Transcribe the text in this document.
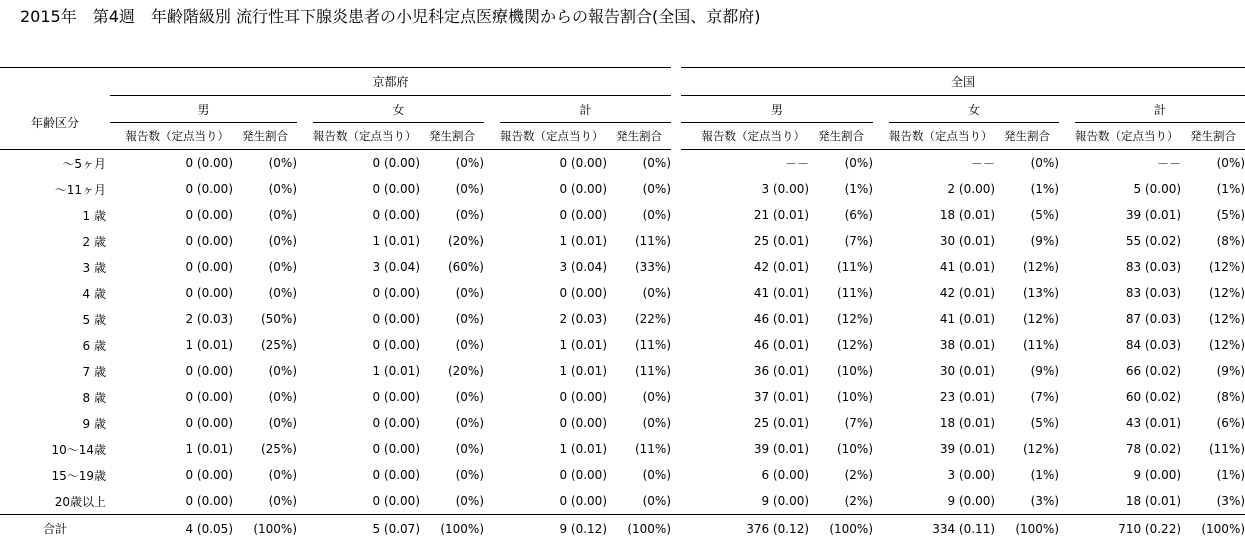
2015年　第4週　年齢階級別 流行性耳下腺炎患者の小児科定点医療機関からの報告割合(全国、京都府)
	京都府									全国							
年齢区分	男			女			計			男			女			計	
	報告数（定点当り）	発生割合		報告数（定点当り）	発生割合		報告数（定点当り）	発生割合		報告数（定点当り）	発生割合		報告数（定点当り）	発生割合		報告数（定点当り）	発生割合
～5ヶ月	0 (0.00)	(0%)		0 (0.00)	(0%)		0 (0.00)	(0%)		－－	(0%)		－－	(0%)		－－	(0%)
～11ヶ月	0 (0.00)	(0%)		0 (0.00)	(0%)		0 (0.00)	(0%)		3 (0.00)	(1%)		2 (0.00)	(1%)		5 (0.00)	(1%)
1 歳	0 (0.00)	(0%)		0 (0.00)	(0%)		0 (0.00)	(0%)		21 (0.01)	(6%)		18 (0.01)	(5%)		39 (0.01)	(5%)
2 歳	0 (0.00)	(0%)		1 (0.01)	(20%)		1 (0.01)	(11%)		25 (0.01)	(7%)		30 (0.01)	(9%)		55 (0.02)	(8%)
3 歳	0 (0.00)	(0%)		3 (0.04)	(60%)		3 (0.04)	(33%)		42 (0.01)	(11%)		41 (0.01)	(12%)		83 (0.03)	(12%)
4 歳	0 (0.00)	(0%)		0 (0.00)	(0%)		0 (0.00)	(0%)		41 (0.01)	(11%)		42 (0.01)	(13%)		83 (0.03)	(12%)
5 歳	2 (0.03)	(50%)		0 (0.00)	(0%)		2 (0.03)	(22%)		46 (0.01)	(12%)		41 (0.01)	(12%)		87 (0.03)	(12%)
6 歳	1 (0.01)	(25%)		0 (0.00)	(0%)		1 (0.01)	(11%)		46 (0.01)	(12%)		38 (0.01)	(11%)		84 (0.03)	(12%)
7 歳	0 (0.00)	(0%)		1 (0.01)	(20%)		1 (0.01)	(11%)		36 (0.01)	(10%)		30 (0.01)	(9%)		66 (0.02)	(9%)
8 歳	0 (0.00)	(0%)		0 (0.00)	(0%)		0 (0.00)	(0%)		37 (0.01)	(10%)		23 (0.01)	(7%)		60 (0.02)	(8%)
9 歳	0 (0.00)	(0%)		0 (0.00)	(0%)		0 (0.00)	(0%)		25 (0.01)	(7%)		18 (0.01)	(5%)		43 (0.01)	(6%)
10～14歳	1 (0.01)	(25%)		0 (0.00)	(0%)		1 (0.01)	(11%)		39 (0.01)	(10%)		39 (0.01)	(12%)		78 (0.02)	(11%)
15～19歳	0 (0.00)	(0%)		0 (0.00)	(0%)		0 (0.00)	(0%)		6 (0.00)	(2%)		3 (0.00)	(1%)		9 (0.00)	(1%)
20歳以上	0 (0.00)	(0%)		0 (0.00)	(0%)		0 (0.00)	(0%)		9 (0.00)	(2%)		9 (0.00)	(3%)		18 (0.01)	(3%)
合計	4 (0.05)	(100%)		5 (0.07)	(100%)		9 (0.12)	(100%)		376 (0.12)	(100%)		334 (0.11)	(100%)		710 (0.22)	(100%)
